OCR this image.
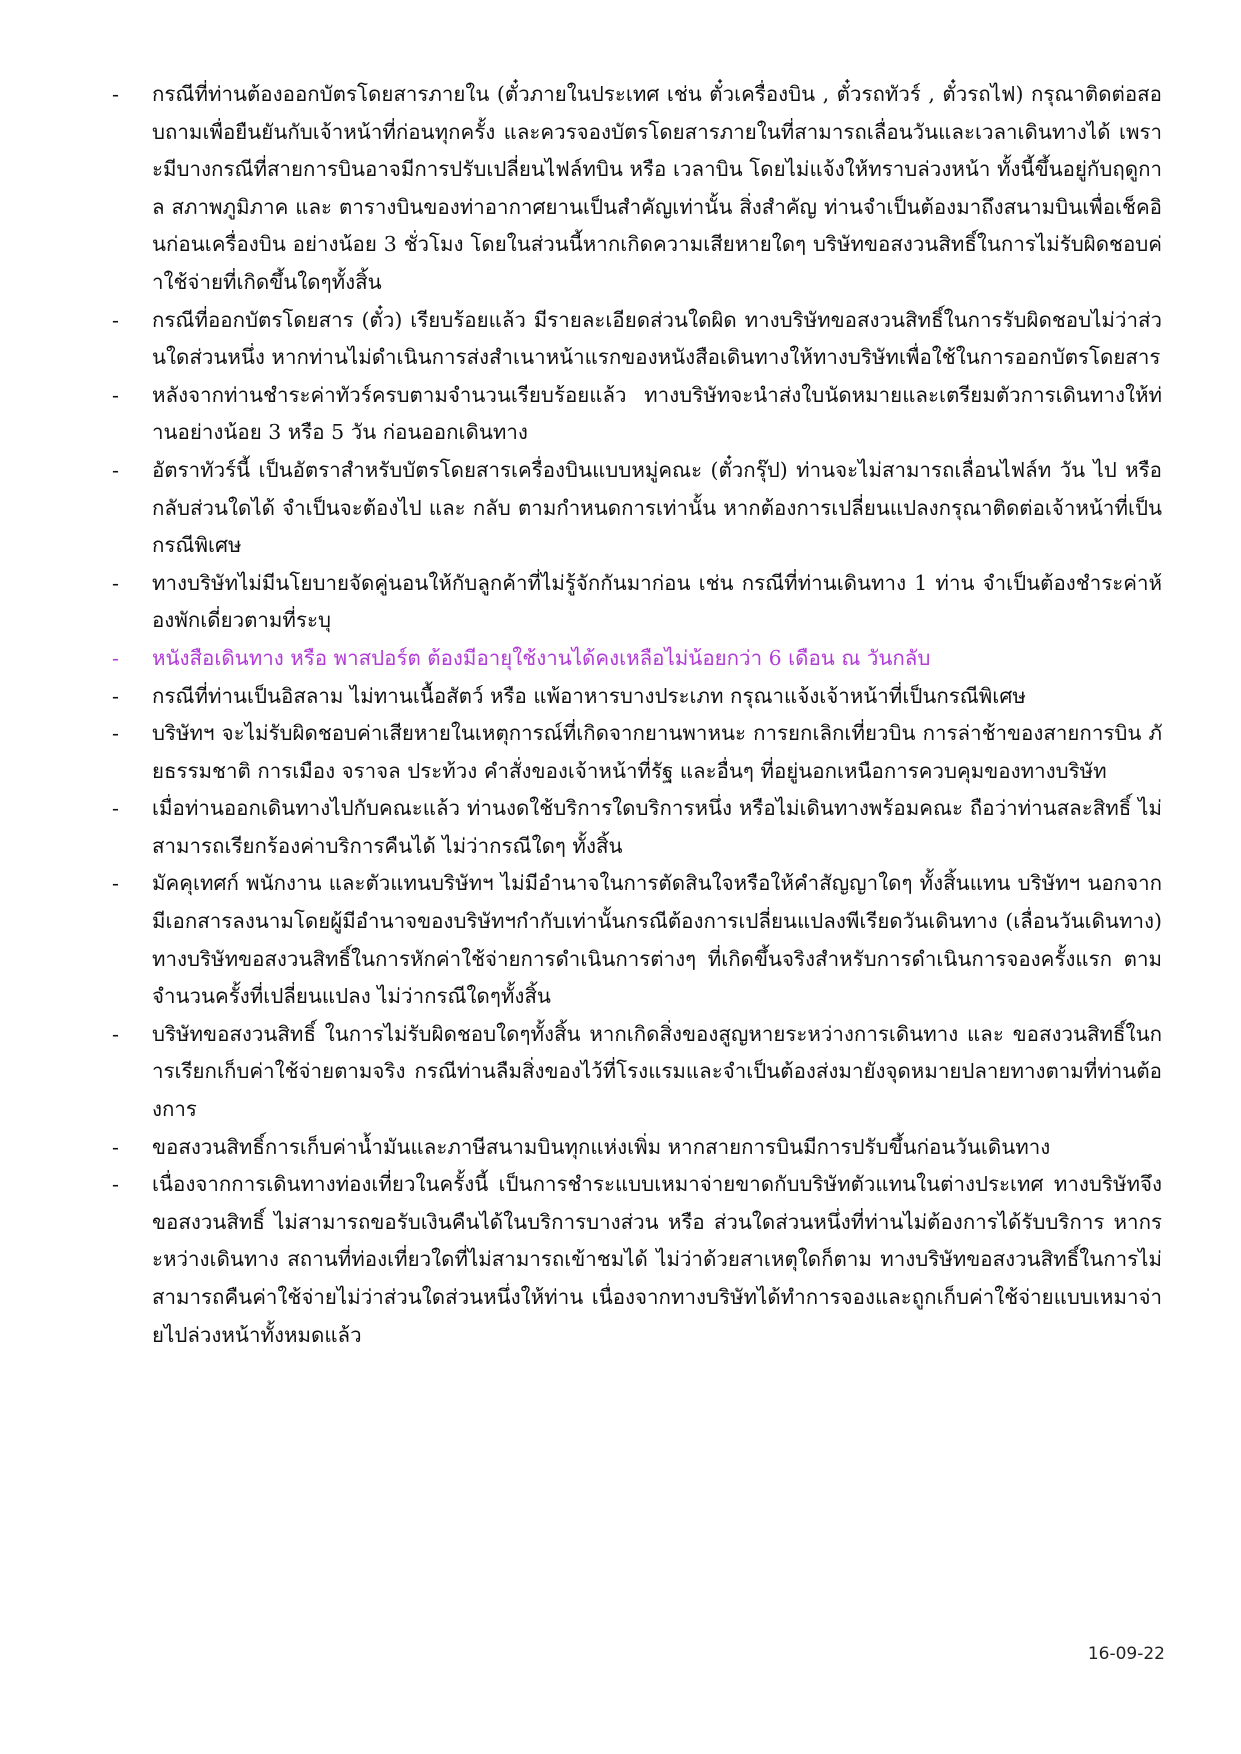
-	กรณีที่ท่านต้องออกบัตรโดยสารภายใน (ตั๋วภายในประเทศ เช่น ตั๋วเครื่องบิน , ตั๋วรถทัวร์ , ตั๋วรถไฟ) กรุณาติดต่อสอบถามเพื่อยืนยันกับเจ้าหน้าที่ก่อนทุกครั้ง และควรจองบัตรโดยสารภายในที่สามารถเลื่อนวันและเวลาเดินทางได้ เพราะมีบางกรณีที่สายการบินอาจมีการปรับเปลี่ยนไฟล์ทบิน หรือ เวลาบิน โดยไม่แจ้งให้ทราบล่วงหน้า ทั้งนี้ขึ้นอยู่กับฤดูกาล สภาพภูมิภาค และ ตารางบินของท่าอากาศยานเป็นสำคัญเท่านั้น สิ่งสำคัญ ท่านจำเป็นต้องมาถึงสนามบินเพื่อเช็คอินก่อนเครื่องบิน อย่างน้อย 3 ชั่วโมง โดยในส่วนนี้หากเกิดความเสียหายใดๆ บริษัทขอสงวนสิทธิ์ในการไม่รับผิดชอบค่าใช้จ่ายที่เกิดขึ้นใดๆทั้งสิ้น
-	กรณีที่ออกบัตรโดยสาร (ตั๋ว) เรียบร้อยแล้ว มีรายละเอียดส่วนใดผิด ทางบริษัทขอสงวนสิทธิ์ในการรับผิดชอบไม่ว่าส่วนใดส่วนหนึ่ง หากท่านไม่ดำเนินการส่งสำเนาหน้าแรกของหนังสือเดินทางให้ทางบริษัทเพื่อใช้ในการออกบัตรโดยสาร
-	หลังจากท่านชำระค่าทัวร์ครบตามจำนวนเรียบร้อยแล้ว ทางบริษัทจะนำส่งใบนัดหมายและเตรียมตัวการเดินทางให้ท่านอย่างน้อย 3 หรือ 5 วัน ก่อนออกเดินทาง
-	อัตราทัวร์นี้ เป็นอัตราสำหรับบัตรโดยสารเครื่องบินแบบหมู่คณะ (ตั๋วกรุ๊ป) ท่านจะไม่สามารถเลื่อนไฟล์ท วัน ไป หรือ กลับส่วนใดได้ จำเป็นจะต้องไป และ กลับ ตามกำหนดการเท่านั้น หากต้องการเปลี่ยนแปลงกรุณาติดต่อเจ้าหน้าที่เป็นกรณีพิเศษ
-	ทางบริษัทไม่มีนโยบายจัดคู่นอนให้กับลูกค้าที่ไม่รู้จักกันมาก่อน เช่น กรณีที่ท่านเดินทาง 1 ท่าน จำเป็นต้องชำระค่าห้องพักเดี่ยวตามที่ระบุ
-	หนังสือเดินทาง หรือ พาสปอร์ต ต้องมีอายุใช้งานได้คงเหลือไม่น้อยกว่า 6 เดือน ณ วันกลับ
-	กรณีที่ท่านเป็นอิสลาม ไม่ทานเนื้อสัตว์ หรือ แพ้อาหารบางประเภท กรุณาแจ้งเจ้าหน้าที่เป็นกรณีพิเศษ
-	บริษัทฯ จะไม่รับผิดชอบค่าเสียหายในเหตุการณ์ที่เกิดจากยานพาหนะ การยกเลิกเที่ยวบิน การล่าช้าของสายการบิน ภัยธรรมชาติ การเมือง จราจล ประท้วง คำสั่งของเจ้าหน้าที่รัฐ และอื่นๆ ที่อยู่นอกเหนือการควบคุมของทางบริษัท
-	เมื่อท่านออกเดินทางไปกับคณะแล้ว ท่านงดใช้บริการใดบริการหนึ่ง หรือไม่เดินทางพร้อมคณะ ถือว่าท่านสละสิทธิ์ ไม่สามารถเรียกร้องค่าบริการคืนได้ ไม่ว่ากรณีใดๆ ทั้งสิ้น
-	มัคคุเทศก์ พนักงาน และตัวแทนบริษัทฯ ไม่มีอำนาจในการตัดสินใจหรือให้คำสัญญาใดๆ ทั้งสิ้นแทน บริษัทฯ นอกจากมีเอกสารลงนามโดยผู้มีอำนาจของบริษัทฯกำกับเท่านั้นกรณีต้องการเปลี่ยนแปลงพีเรียดวันเดินทาง (เลื่อนวันเดินทาง) ทางบริษัทขอสงวนสิทธิ์ในการหักค่าใช้จ่ายการดำเนินการต่างๆ ที่เกิดขึ้นจริงสำหรับการดำเนินการจองครั้งแรก ตามจำนวนครั้งที่เปลี่ยนแปลง ไม่ว่ากรณีใดๆทั้งสิ้น
-	บริษัทขอสงวนสิทธิ์ ในการไม่รับผิดชอบใดๆทั้งสิ้น หากเกิดสิ่งของสูญหายระหว่างการเดินทาง และ ขอสงวนสิทธิ์ในการเรียกเก็บค่าใช้จ่ายตามจริง กรณีท่านลืมสิ่งของไว้ที่โรงแรมและจำเป็นต้องส่งมายังจุดหมายปลายทางตามที่ท่านต้องการ
-	ขอสงวนสิทธิ์การเก็บค่าน้ำมันและภาษีสนามบินทุกแห่งเพิ่ม หากสายการบินมีการปรับขึ้นก่อนวันเดินทาง
-	เนื่องจากการเดินทางท่องเที่ยวในครั้งนี้ เป็นการชำระแบบเหมาจ่ายขาดกับบริษัทตัวแทนในต่างประเทศ ทางบริษัทจึงขอสงวนสิทธิ์ ไม่สามารถขอรับเงินคืนได้ในบริการบางส่วน หรือ ส่วนใดส่วนหนึ่งที่ท่านไม่ต้องการได้รับบริการ หากระหว่างเดินทาง สถานที่ท่องเที่ยวใดที่ไม่สามารถเข้าชมได้ ไม่ว่าด้วยสาเหตุใดก็ตาม ทางบริษัทขอสงวนสิทธิ์ในการไม่สามารถคืนค่าใช้จ่ายไม่ว่าส่วนใดส่วนหนึ่งให้ท่าน เนื่องจากทางบริษัทได้ทำการจองและถูกเก็บค่าใช้จ่ายแบบเหมาจ่ายไปล่วงหน้าทั้งหมดแล้ว
16-09-22
